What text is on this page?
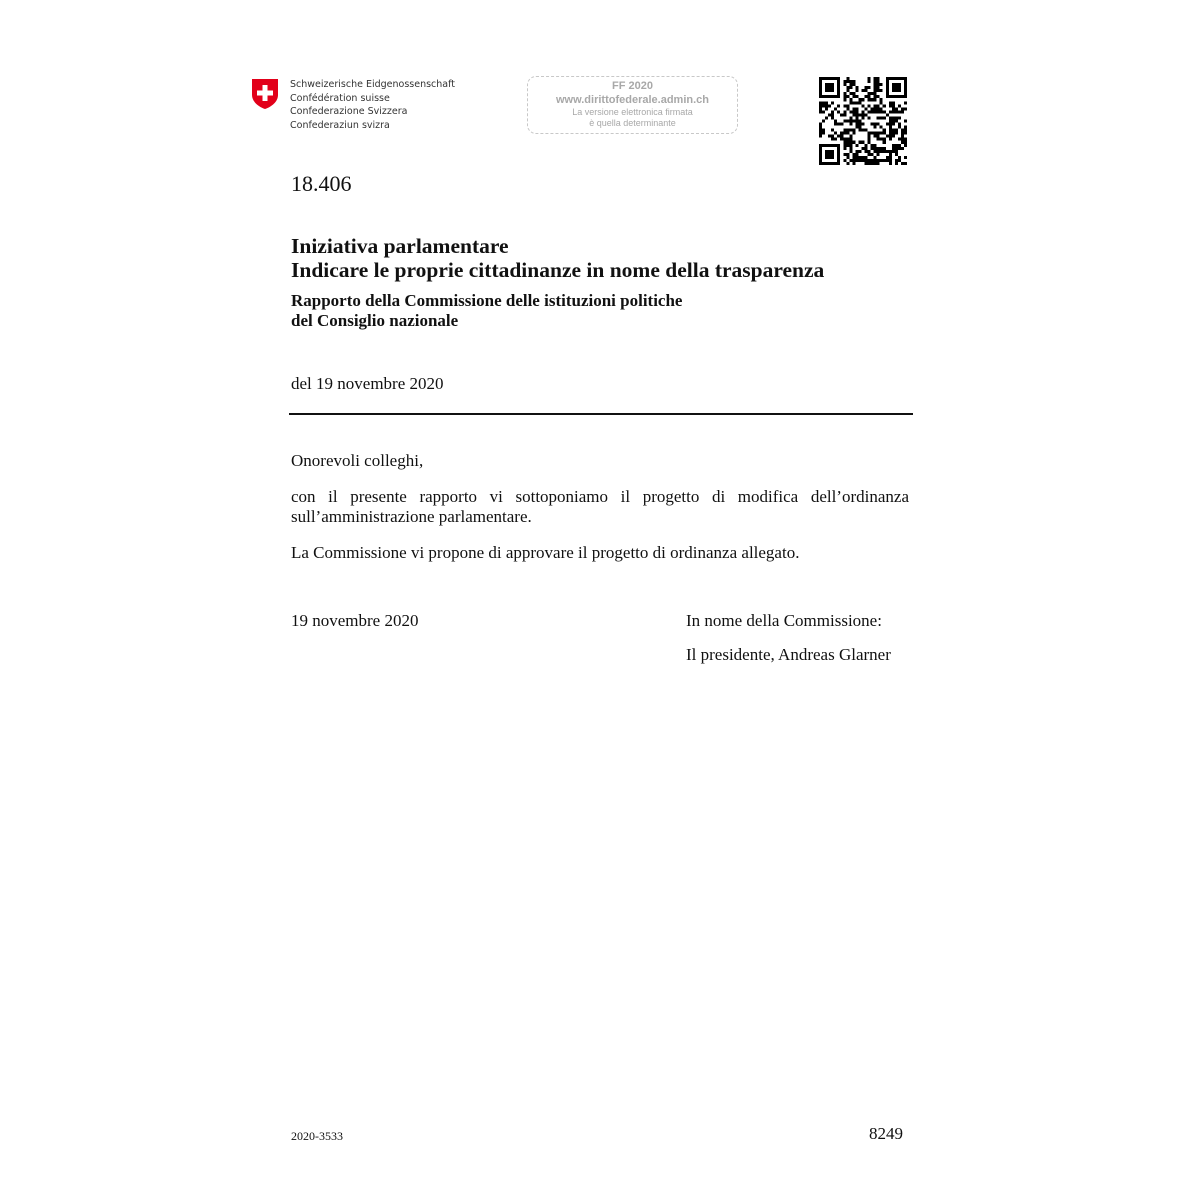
Schweizerische Eidgenossenschaft
Confédération suisse
Confederazione Svizzera
Confederaziun svizra
FF 2020
www.dirittofederale.admin.ch
La versione elettronica firmata
è quella determinante
18.406
Iniziativa parlamentare
Indicare le proprie cittadinanze in nome della trasparenza
Rapporto della Commissione delle istituzioni politiche
del Consiglio nazionale
del 19 novembre 2020
Onorevoli colleghi,
con il presente rapporto vi sottoponiamo il progetto di modifica dell’ordinanza sull’amministrazione parlamentare.
La Commissione vi propone di approvare il progetto di ordinanza allegato.
19 novembre 2020	In nome della Commissione:
Il presidente, Andreas Glarner
2020-3533	8249
